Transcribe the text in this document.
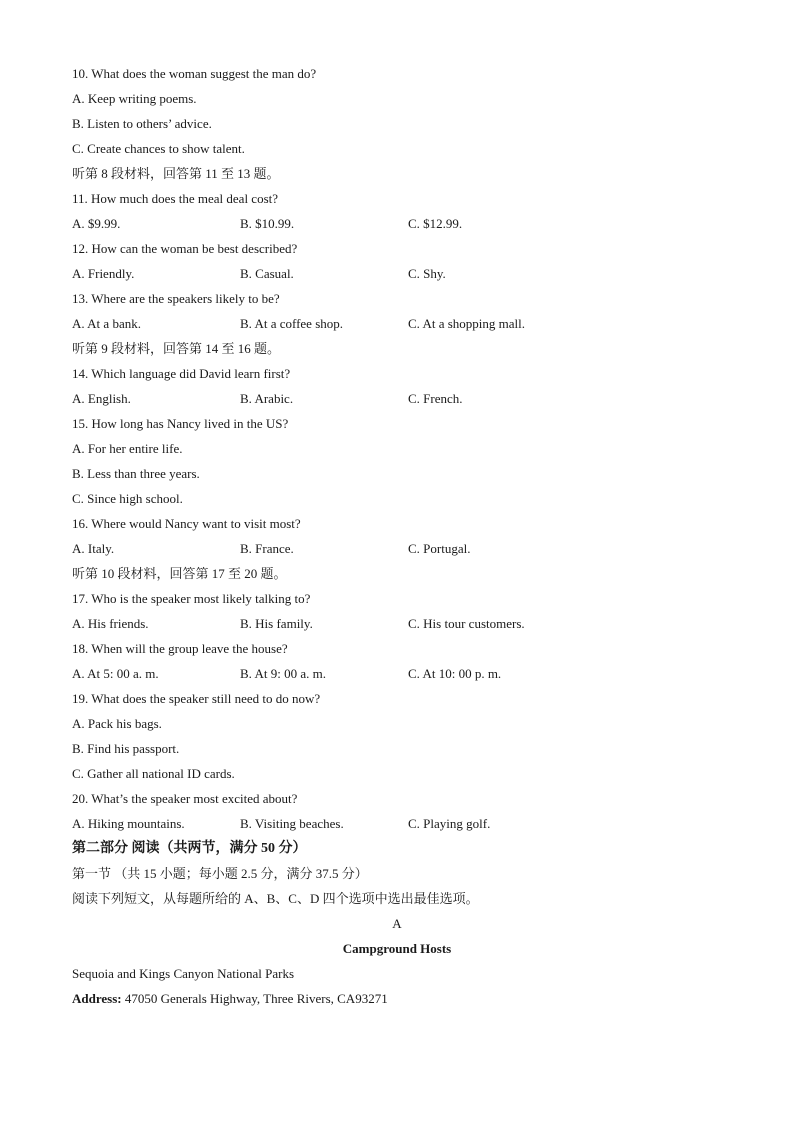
10. What does the woman suggest the man do?
A. Keep writing poems.
B. Listen to others’ advice.
C. Create chances to show talent.
听第 8 段材料，回答第 11 至 13 题。
11. How much does the meal deal cost?
A. $9.99.	B. $10.99.	C. $12.99.
12. How can the woman be best described?
A. Friendly.	B. Casual.	C. Shy.
13. Where are the speakers likely to be?
A. At a bank.	B. At a coffee shop.	C. At a shopping mall.
听第 9 段材料，回答第 14 至 16 题。
14. Which language did David learn first?
A. English.	B. Arabic.	C. French.
15. How long has Nancy lived in the US?
A. For her entire life.
B. Less than three years.
C. Since high school.
16. Where would Nancy want to visit most?
A. Italy.	B. France.	C. Portugal.
听第 10 段材料，回答第 17 至 20 题。
17. Who is the speaker most likely talking to?
A. His friends.	B. His family.	C. His tour customers.
18. When will the group leave the house?
A. At 5: 00 a. m.	B. At 9: 00 a. m.	C. At 10: 00 p. m.
19. What does the speaker still need to do now?
A. Pack his bags.
B. Find his passport.
C. Gather all national ID cards.
20. What’s the speaker most excited about?
A. Hiking mountains.	B. Visiting beaches.	C. Playing golf.
第二部分 阅读（共两节，满分 50 分）
第一节 （共 15 小题；每小题 2.5 分，满分 37.5 分）
阅读下列短文，从每题所给的 A、B、C、D 四个选项中选出最佳选项。
A
Campground Hosts
Sequoia and Kings Canyon National Parks
Address: 47050 Generals Highway, Three Rivers, CA93271
